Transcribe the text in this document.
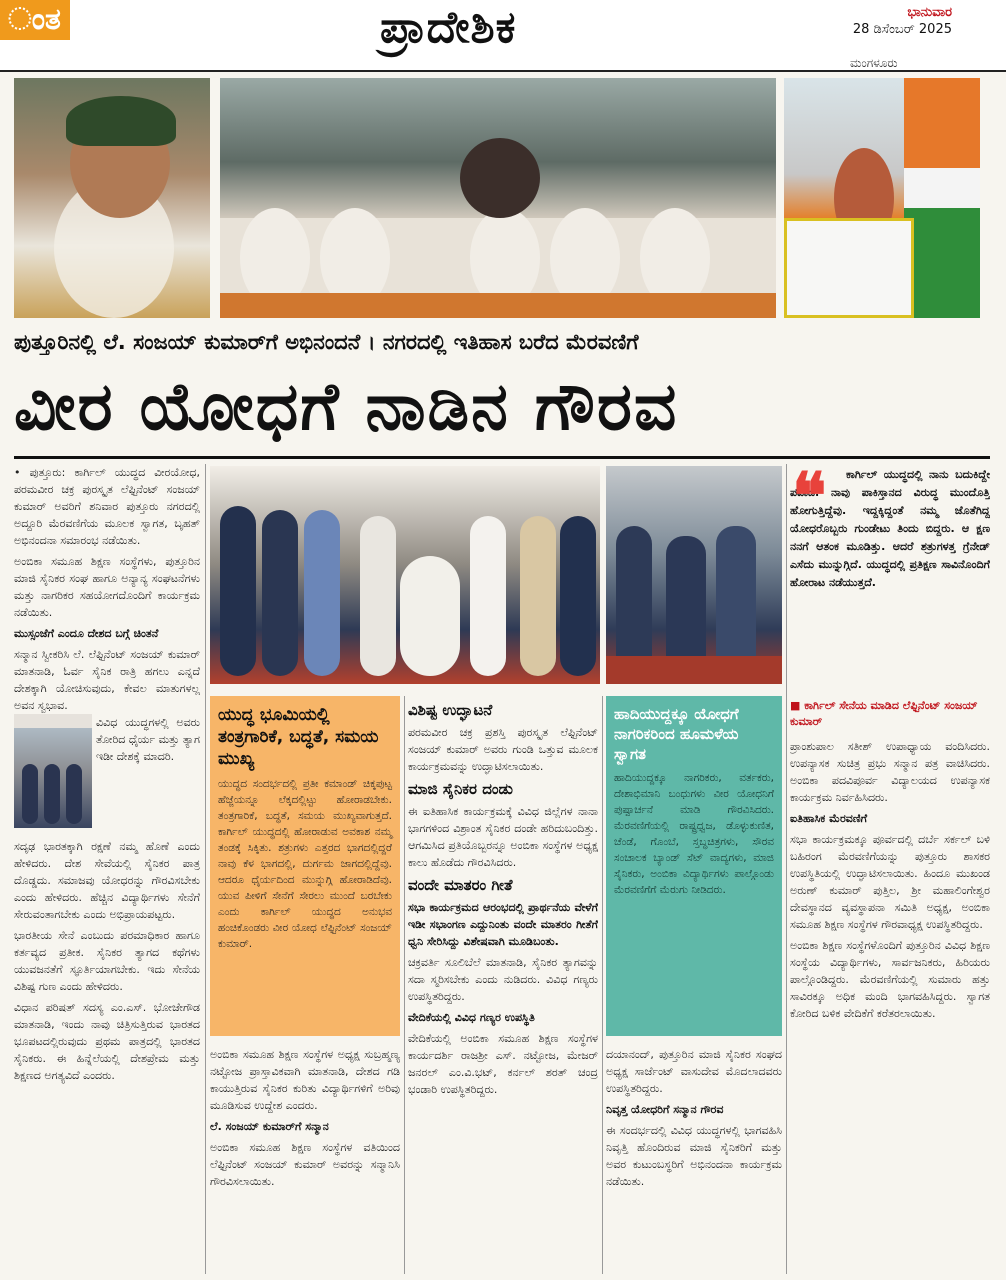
ಂತ	ಪ್ರಾದೇಶಿಕ	ಭಾನುವಾರ
28 ಡಿಸೆಂಬರ್ 2025
ಮಂಗಳೂರು
ಪುತ್ತೂರಿನಲ್ಲಿ ಲೆ. ಸಂಜಯ್ ಕುಮಾರ್‌ಗೆ ಅಭಿನಂದನೆ । ನಗರದಲ್ಲಿ ಇತಿಹಾಸ ಬರೆದ ಮೆರವಣಿಗೆ
ವೀರ ಯೋಧಗೆ ನಾಡಿನ ಗೌರವ
ಕಾರ್ಗಿಲ್ ಯುದ್ಧದಲ್ಲಿ ನಾನು ಬದುಕಿದ್ದೇ ಪವಾಡ. ನಾವು ಪಾಕಿಸ್ತಾನದ ವಿರುದ್ಧ ಮುಂದೊತ್ತಿ ಹೋಗುತ್ತಿದ್ದೆವು. ಇದ್ದಕ್ಕಿದ್ದಂತೆ ನಮ್ಮ ಜೊತೆಗಿದ್ದ ಯೋಧರೊಬ್ಬರು ಗುಂಡೇಟು ತಿಂದು ಬಿದ್ದರು. ಆ ಕ್ಷಣ ನನಗೆ ಆತಂಕ ಮೂಡಿತ್ತು. ಆದರೆ ಶತ್ರುಗಳತ್ತ ಗ್ರೆನೇಡ್ ಎಸೆದು ಮುನ್ನುಗ್ಗಿದೆ. ಯುದ್ಧದಲ್ಲಿ ಪ್ರತಿಕ್ಷಣ ಸಾವಿನೊಂದಿಗೆ ಹೋರಾಟ ನಡೆಯುತ್ತದೆ.
❝
■ ಕಾರ್ಗಿಲ್ ಸೇನೆಯ ಮಾಡಿದ ಲೆಫ್ಟಿನೆಂಟ್ ಸಂಜಯ್ ಕುಮಾರ್

• ಪುತ್ತೂರು: ಕಾರ್ಗಿಲ್ ಯುದ್ಧದ ವೀರಯೋಧ, ಪರಮವೀರ ಚಕ್ರ ಪುರಸ್ಕೃತ ಲೆಫ್ಟಿನೆಂಟ್ ಸಂಜಯ್ ಕುಮಾರ್ ಅವರಿಗೆ ಶನಿವಾರ ಪುತ್ತೂರು ನಗರದಲ್ಲಿ ಅದ್ದೂರಿ ಮೆರವಣಿಗೆಯ ಮೂಲಕ ಸ್ವಾಗತ, ಬೃಹತ್ ಅಭಿನಂದನಾ ಸಮಾರಂಭ ನಡೆಯಿತು.

ಅಂಬಿಕಾ ಸಮೂಹ ಶಿಕ್ಷಣ ಸಂಸ್ಥೆಗಳು, ಪುತ್ತೂರಿನ ಮಾಜಿ ಸೈನಿಕರ ಸಂಘ ಹಾಗೂ ಅನ್ಯಾನ್ಯ ಸಂಘಟನೆಗಳು ಮತ್ತು ನಾಗರಿಕರ ಸಹಯೋಗದೊಂದಿಗೆ ಕಾರ್ಯಕ್ರಮ ನಡೆಯಿತು.

ಮುಸ್ಸಂಜೆಗೆ ಎಂದೂ ದೇಶದ ಬಗ್ಗೆ ಚಿಂತನೆ

ಸನ್ಮಾನ ಸ್ವೀಕರಿಸಿ ಲೆ. ಲೆಫ್ಟಿನೆಂಟ್ ಸಂಜಯ್ ಕುಮಾರ್ ಮಾತನಾಡಿ, ಓರ್ವ ಸೈನಿಕ ರಾತ್ರಿ ಹಗಲು ಎನ್ನದೆ ದೇಶಕ್ಕಾಗಿ ಯೋಚಿಸುವುದು, ಕೇವಲ ಮಾತುಗಳಲ್ಲ ಅವನ ಸ್ವಭಾವ.

ಸದೃಢ ಭಾರತಕ್ಕಾಗಿ ರಕ್ಷಣೆ ನಮ್ಮ ಹೊಣೆ ಎಂದು ಹೇಳಿದರು. ದೇಶ ಸೇವೆಯಲ್ಲಿ ಸೈನಿಕರ ಪಾತ್ರ ದೊಡ್ಡದು. ಸಮಾಜವು ಯೋಧರನ್ನು ಗೌರವಿಸಬೇಕು ಎಂದು ಹೇಳಿದರು. ಹೆಚ್ಚಿನ ವಿದ್ಯಾರ್ಥಿಗಳು ಸೇನೆಗೆ ಸೇರುವಂತಾಗಬೇಕು ಎಂದು ಅಭಿಪ್ರಾಯಪಟ್ಟರು.

ಭಾರತೀಯ ಸೇನೆ ಎಂಬುದು ಪರಮಾಧಿಕಾರ ಹಾಗೂ ಕರ್ತವ್ಯದ ಪ್ರತೀಕ. ಸೈನಿಕರ ತ್ಯಾಗದ ಕಥೆಗಳು ಯುವಜನತೆಗೆ ಸ್ಫೂರ್ತಿಯಾಗಬೇಕು. ಇದು ಸೇನೆಯ ವಿಶಿಷ್ಟ ಗುಣ ಎಂದು ಹೇಳಿದರು.

ವಿಧಾನ ಪರಿಷತ್ ಸದಸ್ಯ ಎಂ.ಎಸ್. ಭೋಜೇಗೌಡ ಮಾತನಾಡಿ, ಇಂದು ನಾವು ಚಿತ್ರಿಸುತ್ತಿರುವ ಭಾರತದ ಭೂಪಟದಲ್ಲಿರುವುದು ಪ್ರಥಮ ಪಾತ್ರದಲ್ಲಿ ಭಾರತದ ಸೈನಿಕರು. ಈ ಹಿನ್ನೆಲೆಯಲ್ಲಿ ದೇಶಪ್ರೇಮ ಮತ್ತು ಶಿಕ್ಷಣದ ಅಗತ್ಯವಿದೆ ಎಂದರು.

ವಿವಿಧ ಯುದ್ಧಗಳಲ್ಲಿ ಅವರು ತೋರಿದ ಧೈರ್ಯ ಮತ್ತು ತ್ಯಾಗ ಇಡೀ ದೇಶಕ್ಕೆ ಮಾದರಿ.

ಯುದ್ಧ ಭೂಮಿಯಲ್ಲಿ ತಂತ್ರಗಾರಿಕೆ, ಬದ್ಧತೆ, ಸಮಯ ಮುಖ್ಯ

ಯುದ್ಧದ ಸಂದರ್ಭದಲ್ಲಿ ಪ್ರತೀ ಕಮಾಂಡ್ ಚಿಕ್ಕಪುಟ್ಟ ಹೆಜ್ಜೆಯನ್ನೂ ಲೆಕ್ಕದಲ್ಲಿಟ್ಟು ಹೋರಾಡಬೇಕು. ತಂತ್ರಗಾರಿಕೆ, ಬದ್ಧತೆ, ಸಮಯ ಮುಖ್ಯವಾಗುತ್ತದೆ. ಕಾರ್ಗಿಲ್ ಯುದ್ಧದಲ್ಲಿ ಹೋರಾಡುವ ಅವಕಾಶ ನಮ್ಮ ತಂಡಕ್ಕೆ ಸಿಕ್ಕಿತು. ಶತ್ರುಗಳು ಎತ್ತರದ ಭಾಗದಲ್ಲಿದ್ದರೆ ನಾವು ಕೆಳ ಭಾಗದಲ್ಲಿ, ದುರ್ಗಮ ಜಾಗದಲ್ಲಿದ್ದೆವು. ಆದರೂ ಧೈರ್ಯದಿಂದ ಮುನ್ನುಗ್ಗಿ ಹೋರಾಡಿದೆವು. ಯುವ ಪೀಳಿಗೆ ಸೇನೆಗೆ ಸೇರಲು ಮುಂದೆ ಬರಬೇಕು ಎಂದು ಕಾರ್ಗಿಲ್ ಯುದ್ಧದ ಅನುಭವ ಹಂಚಿಕೊಂಡರು ವೀರ ಯೋಧ ಲೆಫ್ಟಿನೆಂಟ್ ಸಂಜಯ್ ಕುಮಾರ್.

ಅಂಬಿಕಾ ಸಮೂಹ ಶಿಕ್ಷಣ ಸಂಸ್ಥೆಗಳ ಅಧ್ಯಕ್ಷ ಸುಬ್ರಹ್ಮಣ್ಯ ನಟ್ಟೋಜ ಪ್ರಾಸ್ತಾವಿಕವಾಗಿ ಮಾತನಾಡಿ, ದೇಶದ ಗಡಿ ಕಾಯುತ್ತಿರುವ ಸೈನಿಕರ ಕುರಿತು ವಿದ್ಯಾರ್ಥಿಗಳಿಗೆ ಅರಿವು ಮೂಡಿಸುವ ಉದ್ದೇಶ ಎಂದರು.

ಲೆ. ಸಂಜಯ್ ಕುಮಾರ್‌ಗೆ ಸನ್ಮಾನ

ಅಂಬಿಕಾ ಸಮೂಹ ಶಿಕ್ಷಣ ಸಂಸ್ಥೆಗಳ ವತಿಯಿಂದ ಲೆಫ್ಟಿನೆಂಟ್ ಸಂಜಯ್ ಕುಮಾರ್ ಅವರನ್ನು ಸನ್ಮಾನಿಸಿ ಗೌರವಿಸಲಾಯಿತು.

ವಿಶಿಷ್ಟ ಉದ್ಘಾಟನೆ

ಪರಮವೀರ ಚಕ್ರ ಪ್ರಶಸ್ತಿ ಪುರಸ್ಕೃತ ಲೆಫ್ಟಿನೆಂಟ್ ಸಂಜಯ್ ಕುಮಾರ್ ಅವರು ಗುಂಡಿ ಒತ್ತುವ ಮೂಲಕ ಕಾರ್ಯಕ್ರಮವನ್ನು ಉದ್ಘಾಟಿಸಲಾಯಿತು.

ಮಾಜಿ ಸೈನಿಕರ ದಂಡು

ಈ ಐತಿಹಾಸಿಕ ಕಾರ್ಯಕ್ರಮಕ್ಕೆ ವಿವಿಧ ಜಿಲ್ಲೆಗಳ ನಾನಾ ಭಾಗಗಳಿಂದ ವಿಶ್ರಾಂತ ಸೈನಿಕರ ದಂಡೇ ಹರಿದುಬಂದಿತ್ತು. ಆಗಮಿಸಿದ ಪ್ರತಿಯೊಬ್ಬರನ್ನೂ ಅಂಬಿಕಾ ಸಂಸ್ಥೆಗಳ ಅಧ್ಯಕ್ಷ ಕಾಲು ಹೊಡೆದು ಗೌರವಿಸಿದರು.

ವಂದೇ ಮಾತರಂ ಗೀತೆ

ಸಭಾ ಕಾರ್ಯಕ್ರಮದ ಆರಂಭದಲ್ಲಿ ಪ್ರಾರ್ಥನೆಯ ವೇಳೆಗೆ ಇಡೀ ಸಭಾಂಗಣ ಎದ್ದುನಿಂತು ವಂದೇ ಮಾತರಂ ಗೀತೆಗೆ ಧ್ವನಿ ಸೇರಿಸಿದ್ದು ವಿಶೇಷವಾಗಿ ಮೂಡಿಬಂತು.

ಚಕ್ರವರ್ತಿ ಸೂಲಿಬೆಲೆ ಮಾತನಾಡಿ, ಸೈನಿಕರ ತ್ಯಾಗವನ್ನು ಸದಾ ಸ್ಮರಿಸಬೇಕು ಎಂದು ನುಡಿದರು. ವಿವಿಧ ಗಣ್ಯರು ಉಪಸ್ಥಿತರಿದ್ದರು.

ವೇದಿಕೆಯಲ್ಲಿ ವಿವಿಧ ಗಣ್ಯರ ಉಪಸ್ಥಿತಿ

ವೇದಿಕೆಯಲ್ಲಿ ಅಂಬಿಕಾ ಸಮೂಹ ಶಿಕ್ಷಣ ಸಂಸ್ಥೆಗಳ ಕಾರ್ಯದರ್ಶಿ ರಾಜಶ್ರೀ ಎಸ್. ನಟ್ಟೋಜ, ಮೇಜರ್ ಜನರಲ್ ಎಂ.ವಿ.ಭಟ್, ಕರ್ನಲ್ ಶರತ್ ಚಂದ್ರ ಭಂಡಾರಿ ಉಪಸ್ಥಿತರಿದ್ದರು.

ಹಾದಿಯುದ್ದಕ್ಕೂ ಯೋಧಗೆ ನಾಗರಿಕರಿಂದ ಹೂಮಳೆಯ ಸ್ವಾಗತ

ಹಾದಿಯುದ್ದಕ್ಕೂ ನಾಗರಿಕರು, ವರ್ತಕರು, ದೇಶಾಭಿಮಾನಿ ಬಂಧುಗಳು ವೀರ ಯೋಧನಿಗೆ ಪುಷ್ಪಾರ್ಚನೆ ಮಾಡಿ ಗೌರವಿಸಿದರು. ಮೆರವಣಿಗೆಯಲ್ಲಿ ರಾಷ್ಟ್ರಧ್ವಜ, ಡೊಳ್ಳುಕುಣಿತ, ಚೆಂಡೆ, ಗೊಂಬೆ, ಸ್ತಬ್ಧಚಿತ್ರಗಳು, ಸೌರವ ಸಂಚಾಲಕ ಬ್ಯಾಂಡ್ ಸೆಟ್ ವಾದ್ಯಗಳು, ಮಾಜಿ ಸೈನಿಕರು, ಅಂಬಿಕಾ ವಿದ್ಯಾರ್ಥಿಗಳು ಪಾಲ್ಗೊಂಡು ಮೆರವಣಿಗೆಗೆ ಮೆರುಗು ನೀಡಿದರು.

ದಯಾನಂದ್, ಪುತ್ತೂರಿನ ಮಾಜಿ ಸೈನಿಕರ ಸಂಘದ ಅಧ್ಯಕ್ಷ ಸಾರ್ಜೆಂಟ್ ವಾಸುದೇವ ಮೊದಲಾದವರು ಉಪಸ್ಥಿತರಿದ್ದರು.

ನಿವೃತ್ತ ಯೋಧರಿಗೆ ಸನ್ಮಾನ ಗೌರವ

ಈ ಸಂದರ್ಭದಲ್ಲಿ ವಿವಿಧ ಯುದ್ಧಗಳಲ್ಲಿ ಭಾಗವಹಿಸಿ ನಿವೃತ್ತಿ ಹೊಂದಿರುವ ಮಾಜಿ ಸೈನಿಕರಿಗೆ ಮತ್ತು ಅವರ ಕುಟುಂಬಸ್ಥರಿಗೆ ಅಭಿನಂದನಾ ಕಾರ್ಯಕ್ರಮ ನಡೆಯಿತು.

ಪ್ರಾಂಶುಪಾಲ ಸತೀಶ್ ಉಪಾಧ್ಯಾಯ ವಂದಿಸಿದರು. ಉಪನ್ಯಾಸಕ ಸುಚಿತ್ರ ಪ್ರಭು ಸನ್ಮಾನ ಪತ್ರ ವಾಚಿಸಿದರು. ಅಂಬಿಕಾ ಪದವಿಪೂರ್ವ ವಿದ್ಯಾಲಯದ ಉಪನ್ಯಾಸಕ ಕಾರ್ಯಕ್ರಮ ನಿರ್ವಹಿಸಿದರು.

ಐತಿಹಾಸಿಕ ಮೆರವಣಿಗೆ

ಸಭಾ ಕಾರ್ಯಕ್ರಮಕ್ಕೂ ಪೂರ್ವದಲ್ಲಿ ದರ್ಬೆ ಸರ್ಕಲ್ ಬಳಿ ಬಹಿರಂಗ ಮೆರವಣಿಗೆಯನ್ನು ಪುತ್ತೂರು ಶಾಸಕರ ಉಪಸ್ಥಿತಿಯಲ್ಲಿ ಉದ್ಘಾಟಿಸಲಾಯಿತು. ಹಿಂದೂ ಮುಖಂಡ ಅರುಣ್ ಕುಮಾರ್ ಪುತ್ತಿಲ, ಶ್ರೀ ಮಹಾಲಿಂಗೇಶ್ವರ ದೇವಸ್ಥಾನದ ವ್ಯವಸ್ಥಾಪನಾ ಸಮಿತಿ ಅಧ್ಯಕ್ಷ, ಅಂಬಿಕಾ ಸಮೂಹ ಶಿಕ್ಷಣ ಸಂಸ್ಥೆಗಳ ಗೌರವಾಧ್ಯಕ್ಷ ಉಪಸ್ಥಿತರಿದ್ದರು.

ಅಂಬಿಕಾ ಶಿಕ್ಷಣ ಸಂಸ್ಥೆಗಳೊಂದಿಗೆ ಪುತ್ತೂರಿನ ವಿವಿಧ ಶಿಕ್ಷಣ ಸಂಸ್ಥೆಯ ವಿದ್ಯಾರ್ಥಿಗಳು, ಸಾರ್ವಜನಿಕರು, ಹಿರಿಯರು ಪಾಲ್ಗೊಂಡಿದ್ದರು. ಮೆರವಣಿಗೆಯಲ್ಲಿ ಸುಮಾರು ಹತ್ತು ಸಾವಿರಕ್ಕೂ ಅಧಿಕ ಮಂದಿ ಭಾಗವಹಿಸಿದ್ದರು. ಸ್ವಾಗತ ಕೋರಿದ ಬಳಿಕ ವೇದಿಕೆಗೆ ಕರೆತರಲಾಯಿತು.
